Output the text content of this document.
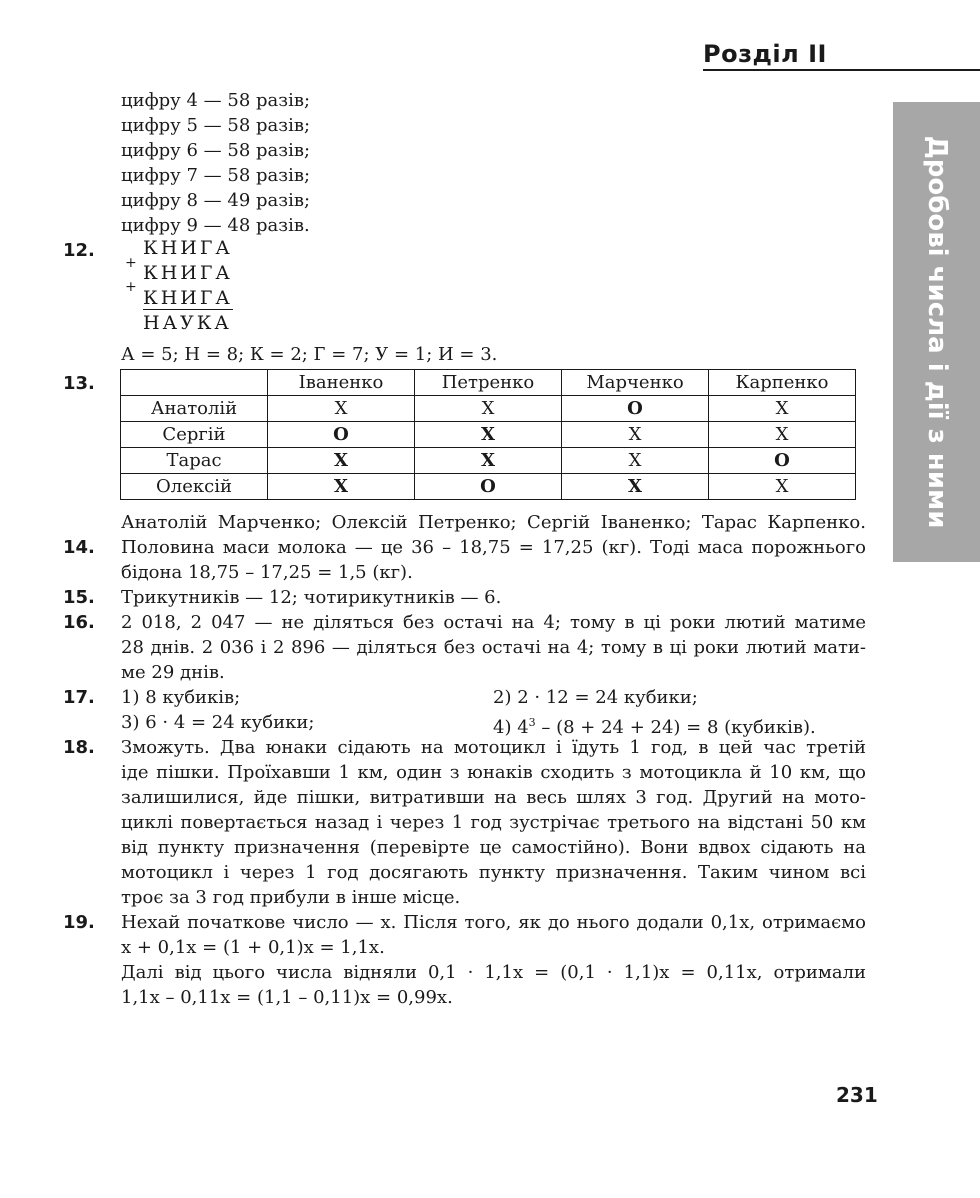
Розділ II
Дробові числа і дії з ними
цифру 4 — 58 разів;
цифру 5 — 58 разів;
цифру 6 — 58 разів;
цифру 7 — 58 разів;
цифру 8 — 49 разів;
цифру 9 — 48 разів.
12.
+
+
КНИГА
КНИГА
КНИГА
НАУКА
А = 5; Н = 8; К = 2; Г = 7; У = 1; И = 3.
13.
		Іваненко	Петренко	Марченко	Карпенко
Анатолій	X	X	O	X
Сергій	O	X	X	X
Тарас	X	X	X	O
Олексій	X	O	X	X
Анатолій Марченко; Олексій Петренко; Сергій Іваненко; Тарас Карпенко.
14. Половина маси молока — це 36 – 18,75 = 17,25 (кг). Тоді маса порожнього
бідона 18,75 – 17,25 = 1,5 (кг).
15. Трикутників — 12; чотирикутників — 6.
16. 2 018, 2 047 — не діляться без остачі на 4; тому в ці роки лютий матиме
28 днів. 2 036 і 2 896 — діляться без остачі на 4; тому в ці роки лютий мати-
ме 29 днів.
17. 1) 8 кубиків;	2) 2 · 12 = 24 кубики;
3) 6 · 4 = 24 кубики;	4) $4^3 - (8 + 24 + 24) = 8$ (кубиків).
18. Зможуть. Два юнаки сідають на мотоцикл і їдуть 1 год, в цей час третій
іде пішки. Проїхавши 1 км, один з юнаків сходить з мотоцикла й 10 км, що
залишилися, йде пішки, витративши на весь шлях 3 год. Другий на мото-
циклі повертається назад і через 1 год зустрічає третього на відстані 50 км
від пункту призначення (перевірте це самостійно). Вони вдвох сідають на
мотоцикл і через 1 год досягають пункту призначення. Таким чином всі
троє за 3 год прибули в інше місце.
19. Нехай початкове число — x. Після того, як до нього додали 0,1x, отримаємо
x + 0,1x = (1 + 0,1)x = 1,1x.
Далі від цього числа відняли 0,1 · 1,1x = (0,1 · 1,1)x = 0,11x, отримали
1,1x – 0,11x = (1,1 – 0,11)x = 0,99x.
231
